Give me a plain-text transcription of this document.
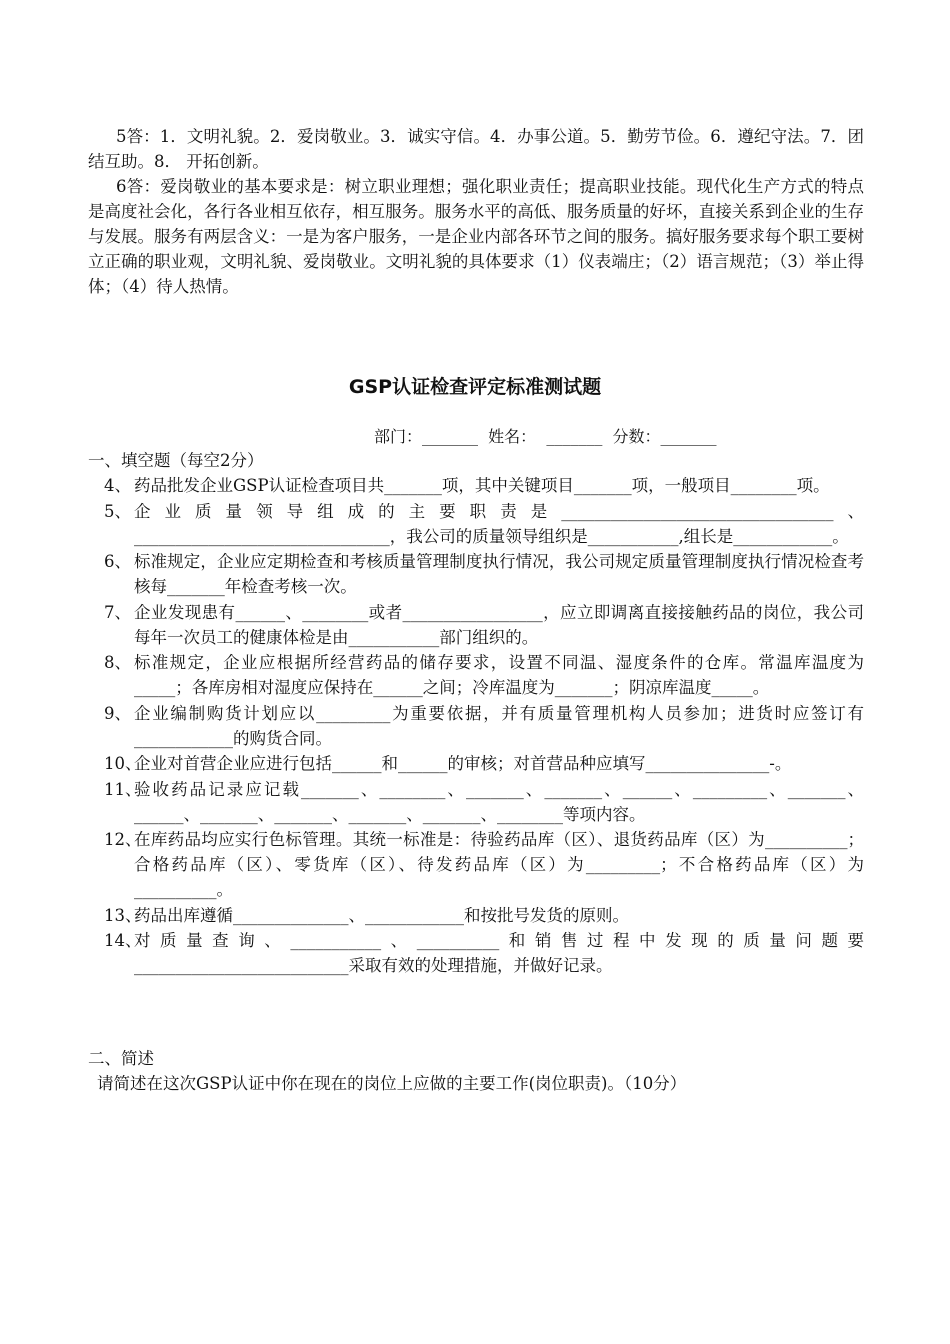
5答：1．文明礼貌。2．爱岗敬业。3．诚实守信。4．办事公道。5．勤劳节俭。6．遵纪守法。7．团结互助。8． 开拓创新。

6答：爱岗敬业的基本要求是：树立职业理想；强化职业责任；提高职业技能。现代化生产方式的特点是高度社会化，各行各业相互依存，相互服务。服务水平的高低、服务质量的好坏，直接关系到企业的生存与发展。服务有两层含义：一是为客户服务，一是企业内部各环节之间的服务。搞好服务要求每个职工要树立正确的职业观，文明礼貌、爱岗敬业。文明礼貌的具体要求（1）仪表端庄；（2）语言规范；（3）举止得体；（4）待人热情。

GSP认证检查评定标准测试题
部门：_______  姓名：  _______  分数：_______

一、填空题（每空2分）

4、 药品批发企业GSP认证检查项目共_______项，其中关键项目_______项，一般项目________项。

5、 企业质量领导组成的主要职责是_________________________________、_______________________________，我公司的质量领导组织是___________,组长是____________。

6、 标准规定，企业应定期检查和考核质量管理制度执行情况，我公司规定质量管理制度执行情况检查考核每_______年检查考核一次。

7、 企业发现患有______、________或者_________________，应立即调离直接接触药品的岗位，我公司每年一次员工的健康体检是由___________部门组织的。

8、 标准规定，企业应根据所经营药品的储存要求，设置不同温、湿度条件的仓库。常温库温度为_____；各库房相对湿度应保持在______之间；冷库温度为_______；阴凉库温度_____。

9、 企业编制购货计划应以_________为重要依据，并有质量管理机构人员参加；进货时应签订有____________的购货合同。

10、
企业对首营企业应进行包括______和______的审核；对首营品种应填写_______________-。

11、
验收药品记录应记载_______、________、_______、_______、______、_________、_______、______、_______、_______、_______、_______、________等项内容。

12、
在库药品均应实行色标管理。其统一标准是：待验药品库（区）、退货药品库（区）为__________；合格药品库（区）、零货库（区）、待发药品库（区）为_________；不合格药品库（区）为__________。

13、
药品出库遵循______________、____________和按批号发货的原则。

14、
对质量查询、___________、__________和销售过程中发现的质量问题要__________________________采取有效的处理措施，并做好记录。

二、简述

请简述在这次GSP认证中你在现在的岗位上应做的主要工作(岗位职责)。（10分）
